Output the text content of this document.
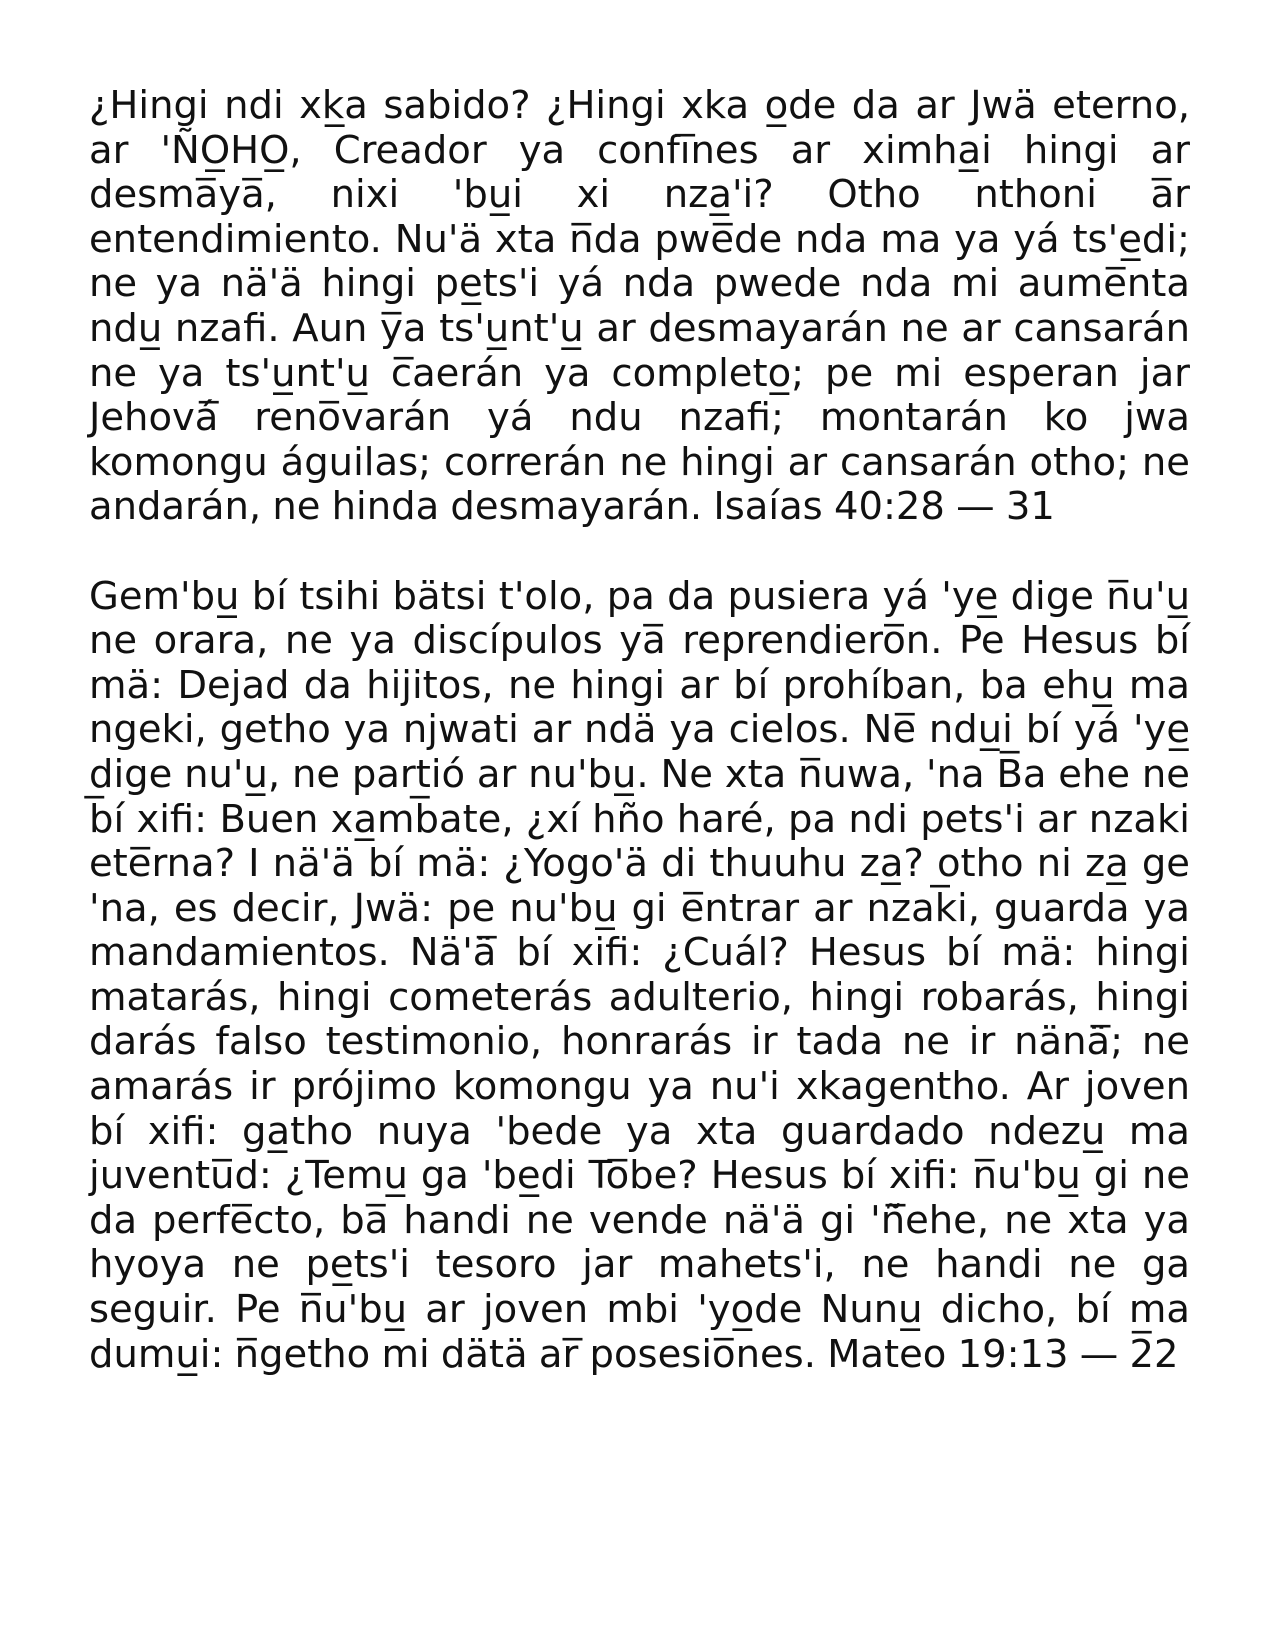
¿Hingi ndi xk̲a sabido? ¿Hingi xka o̲de da ar Jwä eterno, ar 'ÑO̲HO̲, Creador ya confi̅nes ar ximha̲i hingi ar desma̅ya̅, nixi 'bu̲i xi nza̲'i? Otho nthoni a̅r entendimiento. Nu'ä xta n̅da pwe̅de nda ma ya yá ts'e̲di; ne ya nä'ä hingi pe̲ts'i yá nda pwede nda mi aume̅nta ndu̲ nzafi. Aun y̅a ts'u̲nt'u̲ ar desmayarán ne ar cansarán ne ya ts'u̲nt'u̲ c̅aerán ya completo̲; pe mi esperan jar Jehová̅ reno̅varán yá ndu nzafi; montarán ko jwa komongu águilas; correrán ne hingi ar cansarán otho; ne andarán, ne hinda desmayarán. Isaías 40:28 — 31

Gem'bu̲ bí tsihi bätsi t'olo, pa da pusiera yá 'ye̲ dige n̅u'u̲ ne orara, ne ya discípulos ya̅ reprendiero̅n. Pe Hesus bí mä: Dejad da hijitos, ne hingi ar bí prohíban, ba ehu̲ ma ngeki, getho ya njwati ar ndä ya cielos. Ne̅ ndu̲i bí yá 'ye̲ dige nu'u̲, ne partió ar nu'bu̲. Ne xta n̅uwa, 'na B̅a ehe ne b̅í xifi: Buen xa̲mb̅ate, ¿xí hño haré, pa ndi pets'i ar nzaki ete̅rna? I nä'ä bí mä: ¿Yogo'ä di thuuhu za̲? otho ni za̲ ge 'na, es decir, Jwä: pe nu'bu̲ gi e̅ntrar ar nzak̅i, guarda ya mandamientos. Nä'ä̅ bí xifi: ¿Cuál? Hesus bí mä: hingi matarás, hingi cometerás adulterio, hingi robarás, hingi darás falso testimonio, honrarás ir tada ne ir nänä̅; ne amarás ir prójimo komongu ya nu'i xkagentho. Ar joven bí xifi: ga̲tho nuya 'bede ya xta guardado ndezu̲ ma juventu̅d: ¿Temu̲ ga 'be̲di To̅be? Hesus bí xifi: n̅u'bu̲ gi ne da perfe̅cto, ba̅ handi ne vende nä'ä gi 'ñ̅ehe, ne xta ya hyoya ne pe̲ts'i tesoro jar mahets'i, ne handi ne ga seguir. Pe n̅u'bu̲ ar joven mbi 'yo̲de Nunu̲ dicho, bí ma dumu̲i: n̅getho mi dätä ar̅ posesio̅nes. Mateo 19:13 — 2̅2
